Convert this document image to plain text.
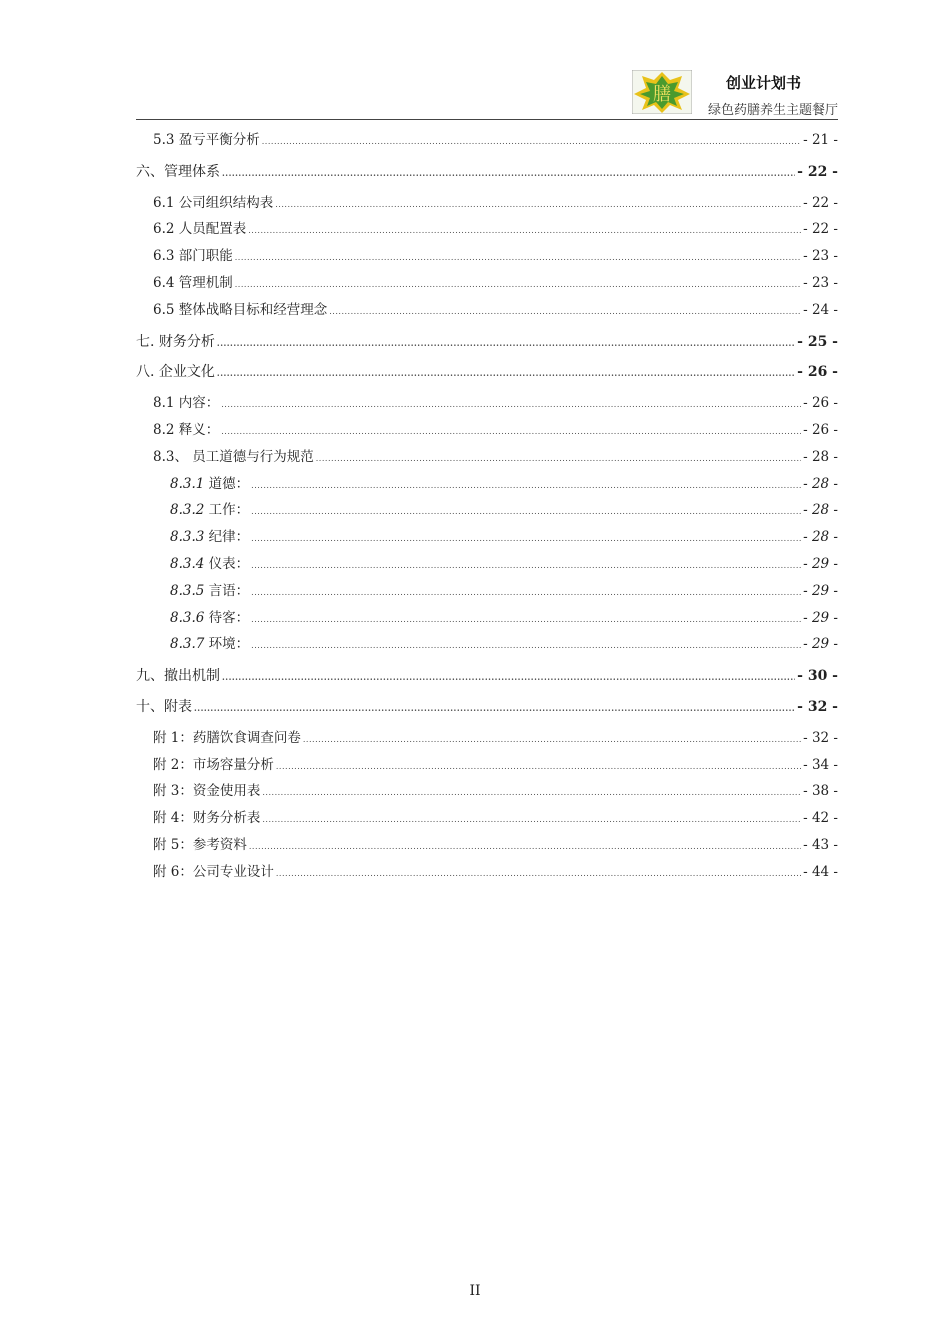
膳
创业计划书
绿色药膳养生主题餐厅
5.3 盈亏平衡分析 .....	- 21 -
六、管理体系 .....	- 22 -
6.1 公司组织结构表 .....	- 22 -
6.2 人员配置表 .....	- 22 -
6.3 部门职能 .....	- 23 -
6.4 管理机制 .....	- 23 -
6.5 整体战略目标和经营理念 .....	- 24 -
七. 财务分析 .....	- 25 -
八. 企业文化 .....	- 26 -
8.1 内容： .....	- 26 -
8.2 释义： .....	- 26 -
8.3、 员工道德与行为规范 .....	- 28 -
8.3.1 道德： .....	- 28 -
8.3.2 工作： .....	- 28 -
8.3.3 纪律： .....	- 28 -
8.3.4 仪表： .....	- 29 -
8.3.5 言语： .....	- 29 -
8.3.6 待客： .....	- 29 -
8.3.7 环境： .....	- 29 -
九、撤出机制 .....	- 30 -
十、附表 .....	- 32 -
附 1：药膳饮食调查问卷 .....	- 32 -
附 2：市场容量分析 .....	- 34 -
附 3：资金使用表 .....	- 38 -
附 4：财务分析表 .....	- 42 -
附 5：参考资料 .....	- 43 -
附 6：公司专业设计 .....	- 44 -
II
